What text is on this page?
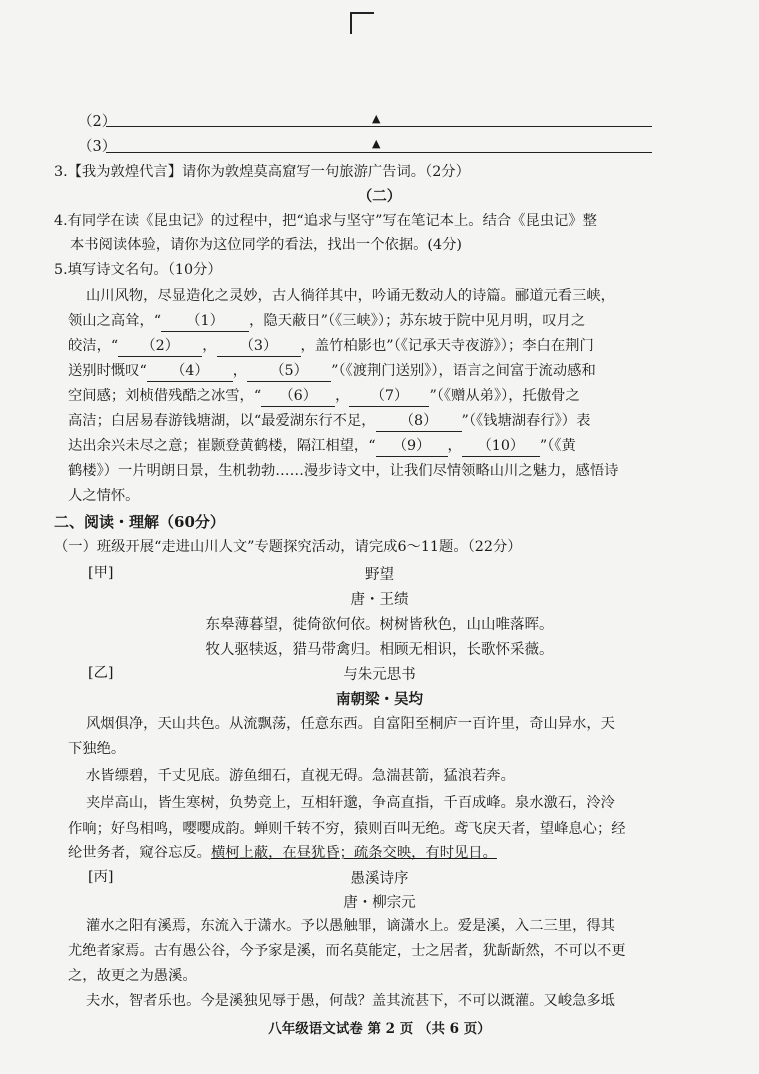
（2）	▲
（3）	▲
3.【我为敦煌代言】请你为敦煌莫高窟写一句旅游广告词。（2分）
（二）
4.有同学在读《昆虫记》的过程中，把“追求与坚守”写在笔记本上。结合《昆虫记》整
本书阅读体验，请你为这位同学的看法，找出一个依据。(4分)
5.填写诗文名句。（10分）
山川风物，尽显造化之灵妙，古人徜徉其中，吟诵无数动人的诗篇。郦道元看三峡，
领山之高耸，“ （1） ，隐天蔽日”（《三峡》）；苏东坡于院中见月明，叹月之
皎洁，“ （2） ， （3） ，盖竹柏影也”（《记承天寺夜游》）；李白在荆门
送别时慨叹“ （4） ， （5） ”（《渡荆门送别》），语言之间富于流动感和
空间感；刘桢借残酷之冰雪，“ （6） ， （7） ”（《赠从弟》），托傲骨之
高洁；白居易春游钱塘湖，以“最爱湖东行不足， （8） ”（《钱塘湖春行》）表
达出余兴未尽之意；崔颢登黄鹤楼，隔江相望，“ （9） ， （10） ”（《黄
鹤楼》）一片明朗日景，生机勃勃……漫步诗文中，让我们尽情领略山川之魅力，感悟诗
人之情怀。
二、阅读・理解（60分）
（一）班级开展“走进山川人文”专题探究活动，请完成6～11题。（22分）
[甲]	野望
唐・王绩
东皋薄暮望，徙倚欲何依。树树皆秋色，山山唯落晖。
牧人驱犊返，猎马带禽归。相顾无相识，长歌怀采薇。
[乙]	与朱元思书
南朝梁・吴均
风烟俱净，天山共色。从流飘荡，任意东西。自富阳至桐庐一百许里，奇山异水，天
下独绝。
水皆缥碧，千丈见底。游鱼细石，直视无碍。急湍甚箭，猛浪若奔。
夹岸高山，皆生寒树，负势竞上，互相轩邈，争高直指，千百成峰。泉水激石，泠泠
作响；好鸟相鸣，嘤嘤成韵。蝉则千转不穷，猿则百叫无绝。鸢飞戾天者，望峰息心；经
纶世务者，窥谷忘反。横柯上蔽，在昼犹昏；疏条交映，有时见日。
[丙]	愚溪诗序
唐・柳宗元
灌水之阳有溪焉，东流入于潇水。予以愚触罪，谪潇水上。爱是溪，入二三里，得其
尤绝者家焉。古有愚公谷，今予家是溪，而名莫能定，士之居者，犹龂龂然，不可以不更
之，故更之为愚溪。
夫水，智者乐也。今是溪独见辱于愚，何哉？盖其流甚下，不可以溉灌。又峻急多坻
八年级语文试卷 第 2 页 （共 6 页）
